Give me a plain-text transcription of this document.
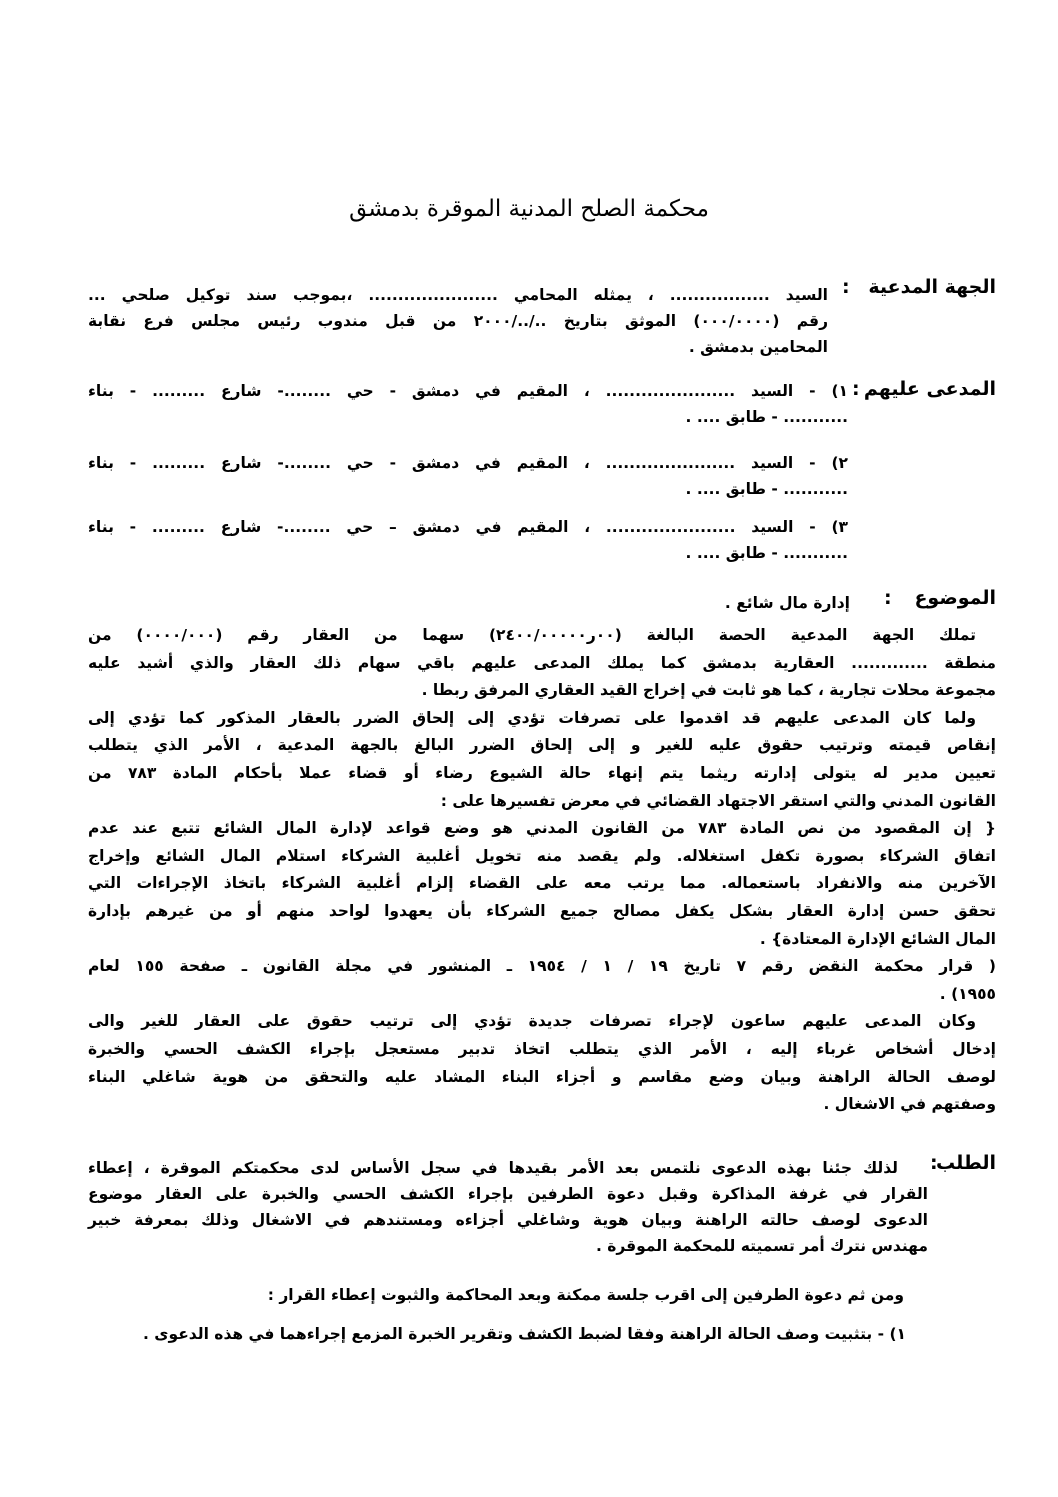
محكمة الصلح المدنية الموقرة بدمشق
الجهة المدعية
:
السيد ................. ، يمثله المحامي ...................... ،بموجب سند توكيل صلحي ...
رقم (٠٠٠/٠٠٠٠) الموثق بتاريخ ../../٢٠٠٠ من قبل مندوب رئيس مجلس فرع نقابة
المحامين بدمشق .
المدعى عليهم
:
١) - السيد ...................... ، المقيم في دمشق - حي ........- شارع ......... - بناء
........... - طابق .... .
٢) - السيد ...................... ، المقيم في دمشق - حي ........- شارع ......... - بناء
........... - طابق .... .
٣) - السيد ...................... ، المقيم في دمشق – حي ........- شارع ......... - بناء
........... - طابق .... .
الموضوع
:
إدارة مال شائع .
تملك الجهة المدعية الحصة البالغة (٠٠ر٢٤٠٠/٠٠٠٠٠) سهما من العقار رقم (٠٠٠٠/٠٠٠) من
منطقة ............. العقارية بدمشق كما يملك المدعى عليهم باقي سهام ذلك العقار والذي أشيد عليه
مجموعة محلات تجارية ، كما هو ثابت في إخراج القيد العقاري المرفق ربطا .
ولما كان المدعى عليهم قد اقدموا على تصرفات تؤدي إلى إلحاق الضرر بالعقار المذكور كما تؤدي إلى
إنقاص قيمته وترتيب حقوق عليه للغير و إلى إلحاق الضرر البالغ بالجهة المدعية ، الأمر الذي يتطلب
تعيين مدير له يتولى إدارته ريثما يتم إنهاء حالة الشيوع رضاء أو قضاء عملا بأحكام المادة ٧٨٣ من
القانون المدني والتي استقر الاجتهاد القضائي في معرض تفسيرها على :
{ إن المقصود من نص المادة ٧٨٣ من القانون المدني هو وضع قواعد لإدارة المال الشائع تتبع عند عدم
اتفاق الشركاء بصورة تكفل استغلاله. ولم يقصد منه تخويل أغلبية الشركاء استلام المال الشائع وإخراج
الآخرين منه والانفراد باستعماله. مما يرتب معه على القضاء إلزام أغلبية الشركاء باتخاذ الإجراءات التي
تحقق حسن إدارة العقار بشكل يكفل مصالح جميع الشركاء بأن يعهدوا لواحد منهم أو من غيرهم بإدارة
المال الشائع الإدارة المعتادة} .
( قرار محكمة النقض رقم ٧ تاريخ ١٩ / ١ / ١٩٥٤ ـ المنشور في مجلة القانون ـ صفحة ١٥٥ لعام
١٩٥٥) .
وكان المدعى عليهم ساعون لإجراء تصرفات جديدة تؤدي إلى ترتيب حقوق على العقار للغير والى
إدخال أشخاص غرباء إليه ، الأمر الذي يتطلب اتخاذ تدبير مستعجل بإجراء الكشف الحسي والخبرة
لوصف الحالة الراهنة وبيان وضع مقاسم و أجزاء البناء المشاد عليه والتحقق من هوية شاغلي البناء
وصفتهم في الاشغال .
الطلب
:
لذلك جئنا بهذه الدعوى نلتمس بعد الأمر بقيدها في سجل الأساس لدى محكمتكم الموقرة ، إعطاء
القرار في غرفة المذاكرة وقبل دعوة الطرفين بإجراء الكشف الحسي والخبرة على العقار موضوع
الدعوى لوصف حالته الراهنة وبيان هوية وشاغلي أجزاءه ومستندهم في الاشغال وذلك بمعرفة خبير
مهندس نترك أمر تسميته للمحكمة الموقرة .
ومن ثم دعوة الطرفين إلى اقرب جلسة ممكنة وبعد المحاكمة والثبوت إعطاء القرار :
١) - بتثبيت وصف الحالة الراهنة وفقا لضبط الكشف وتقرير الخبرة المزمع إجراءهما في هذه الدعوى .
